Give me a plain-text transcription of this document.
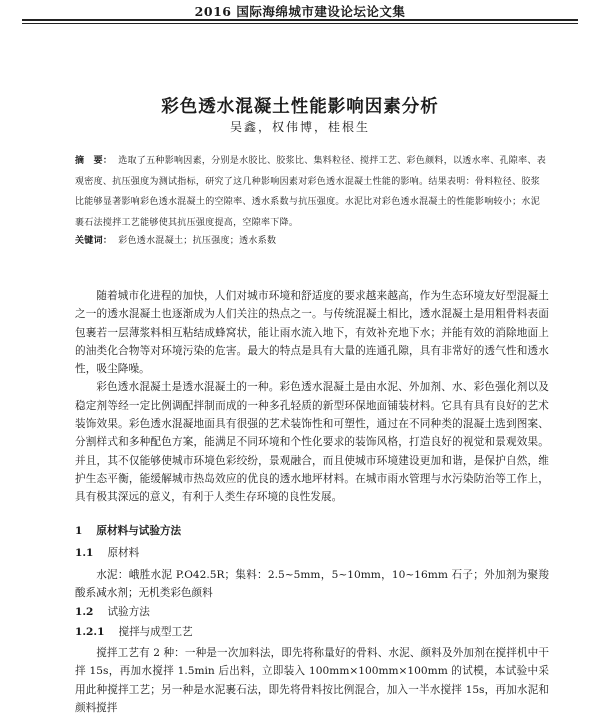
2016 国际海绵城市建设论坛论文集
彩色透水混凝土性能影响因素分析
吴鑫，权伟博，桂根生
摘　要： 选取了五种影响因素，分别是水胶比、胶浆比、集料粒径、搅拌工艺、彩色颜料，以透水率、孔隙率、表观密度、抗压强度为测试指标，研究了这几种影响因素对彩色透水混凝土性能的影响。结果表明：骨料粒径、胶浆比能够显著影响彩色透水混凝土的空隙率、透水系数与抗压强度。水泥比对彩色透水混凝土的性能影响较小；水泥裹石法搅拌工艺能够使其抗压强度提高，空隙率下降。
关键词： 彩色透水混凝土；抗压强度；透水系数

随着城市化进程的加快，人们对城市环境和舒适度的要求越来越高，作为生态环境友好型混凝土之一的透水混凝土也逐渐成为人们关注的热点之一。与传统混凝土相比，透水混凝土是用粗骨料表面包裹若一层薄浆料相互粘结成蜂窝状，能让雨水流入地下，有效补充地下水；并能有效的消除地面上的油类化合物等对环境污染的危害。最大的特点是具有大量的连通孔隙，具有非常好的透气性和透水性，吸尘降噪。

彩色透水混凝土是透水混凝土的一种。彩色透水混凝土是由水泥、外加剂、水、彩色强化剂以及稳定剂等经一定比例调配拌制而成的一种多孔轻质的新型环保地面铺装材料。它具有具有良好的艺术装饰效果。彩色透水混凝地面具有很强的艺术装饰性和可塑性，通过在不同种类的混凝土选到图案、分割样式和多种配色方案，能满足不同环境和个性化要求的装饰风格，打造良好的视觉和景观效果。并且，其不仅能够使城市环境色彩绞纷，景观融合，而且使城市环境建设更加和谐，是保护自然，维护生态平衡，能缓解城市热岛效应的优良的透水地坪材料。在城市雨水管理与水污染防治等工作上，具有极其深远的意义，有利于人类生存环境的良性发展。

1 原材料与试验方法
1.1 原材料

水泥：峨胜水泥 P.O42.5R；集料：2.5~5mm，5~10mm，10~16mm 石子；外加剂为聚羧酸系减水剂；无机类彩色颜料

1.2 试验方法
1.2.1 搅拌与成型工艺

搅拌工艺有 2 种：一种是一次加料法，即先将称量好的骨料、水泥、颜料及外加剂在搅拌机中干拌 15s，再加水搅拌 1.5min 后出料，立即装入 100mm×100mm×100mm 的试模，本试验中采用此种搅拌工艺；另一种是水泥裹石法，即先将骨料按比例混合，加入一半水搅拌 15s，再加水泥和颜料搅拌
